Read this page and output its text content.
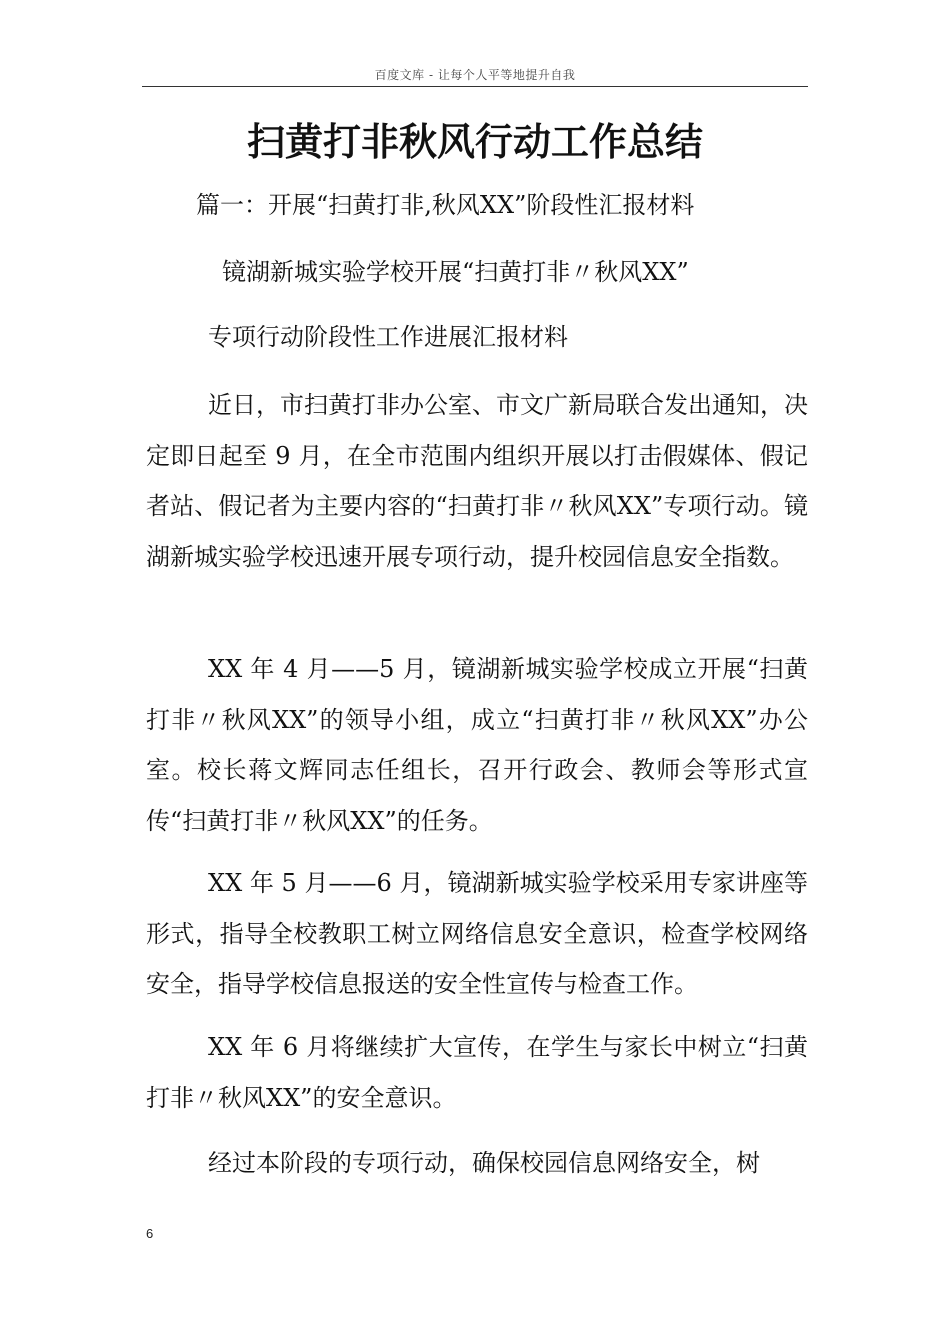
百度文库 - 让每个人平等地提升自我
扫黄打非秋风行动工作总结
篇一：开展“扫黄打非,秋风XX”阶段性汇报材料
镜湖新城实验学校开展“扫黄打非〃秋风XX”
专项行动阶段性工作进展汇报材料

近日，市扫黄打非办公室、市文广新局联合发出通知，决定即日起至 9 月，在全市范围内组织开展以打击假媒体、假记者站、假记者为主要内容的“扫黄打非〃秋风XX”专项行动。镜湖新城实验学校迅速开展专项行动，提升校园信息安全指数。

XX 年 4 月——5 月，镜湖新城实验学校成立开展“扫黄打非〃秋风XX”的领导小组，成立“扫黄打非〃秋风XX”办公室。校长蒋文辉同志任组长，召开行政会、教师会等形式宣传“扫黄打非〃秋风XX”的任务。

XX 年 5 月——6 月，镜湖新城实验学校采用专家讲座等形式，指导全校教职工树立网络信息安全意识，检查学校网络安全，指导学校信息报送的安全性宣传与检查工作。

XX 年 6 月将继续扩大宣传，在学生与家长中树立“扫黄打非〃秋风XX”的安全意识。

经过本阶段的专项行动，确保校园信息网络安全，树

6
